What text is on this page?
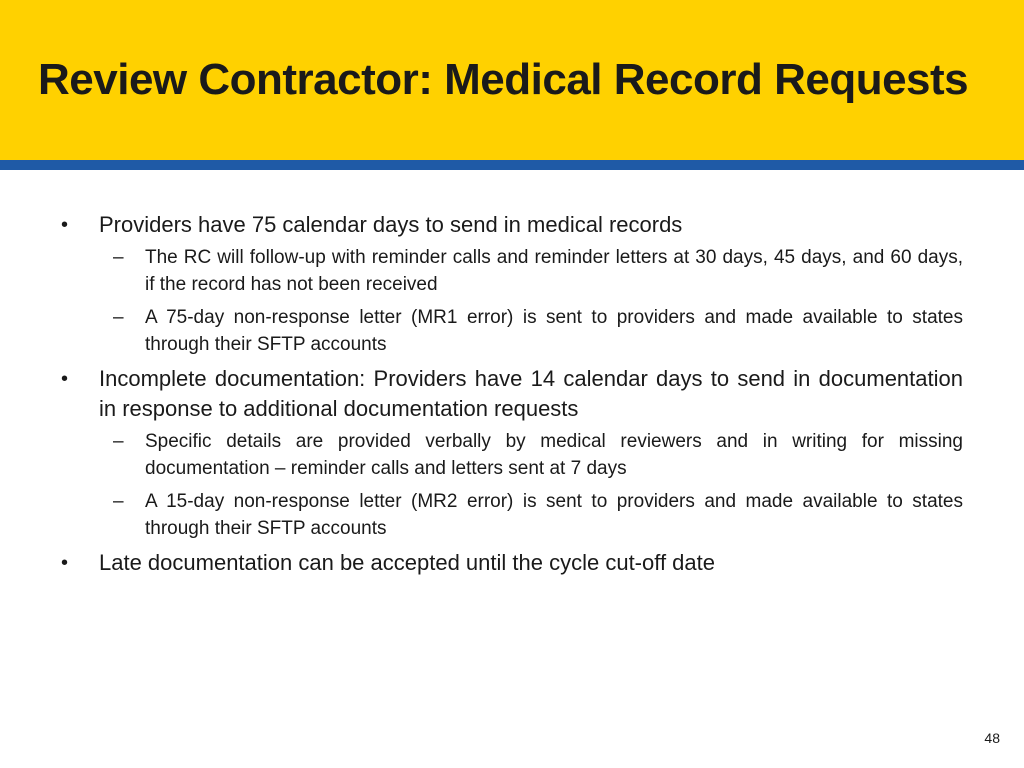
Review Contractor: Medical Record Requests
• Providers have 75 calendar days to send in medical records
– The RC will follow-up with reminder calls and reminder letters at 30 days, 45 days, and 60 days, if the record has not been received
– A 75-day non-response letter (MR1 error) is sent to providers and made available to states through their SFTP accounts
• Incomplete documentation: Providers have 14 calendar days to send in documentation in response to additional documentation requests
– Specific details are provided verbally by medical reviewers and in writing for missing documentation – reminder calls and letters sent at 7 days
– A 15-day non-response letter (MR2 error) is sent to providers and made available to states through their SFTP accounts
• Late documentation can be accepted until the cycle cut-off date
48
